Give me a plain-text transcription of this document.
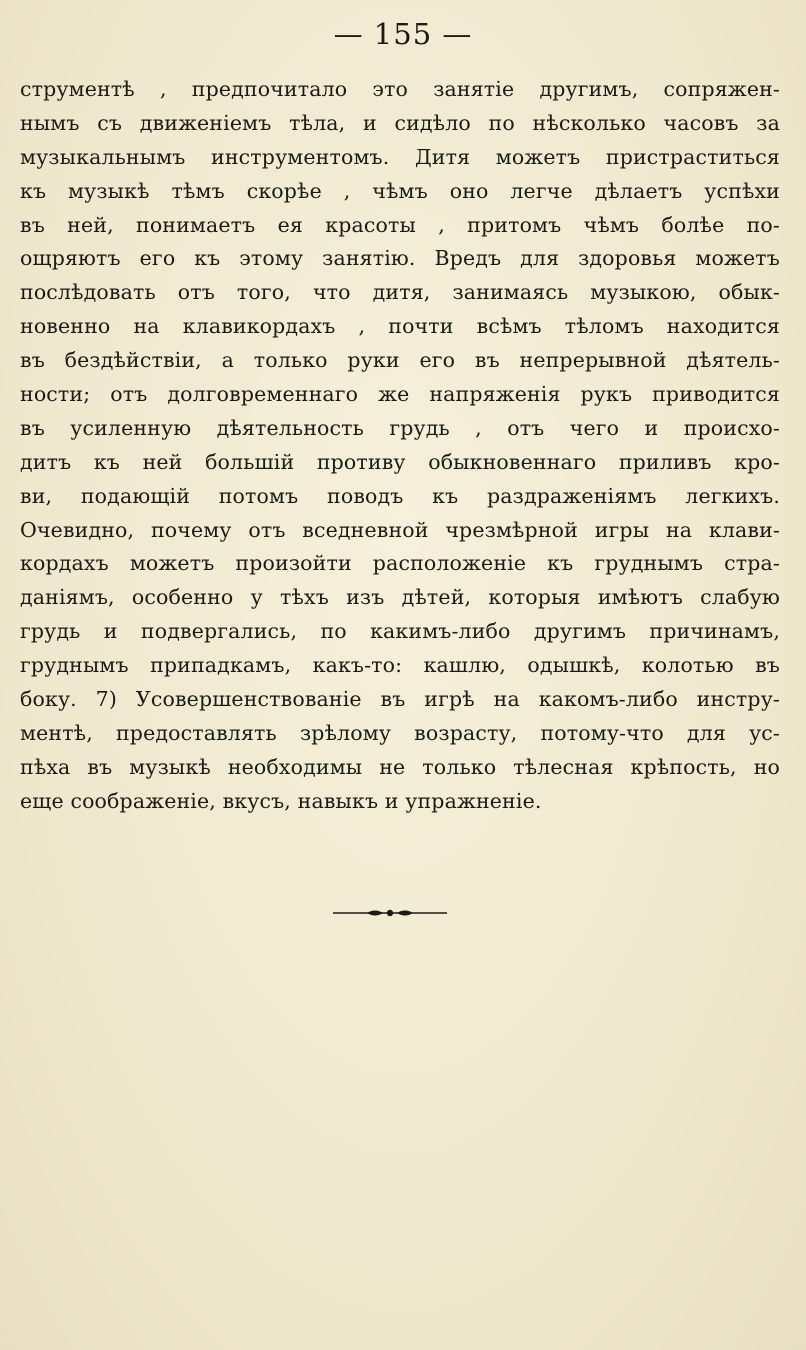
— 155 —
струментѣ , предпочитало это занятіе другимъ, сопряжен-
нымъ съ движеніемъ тѣла, и сидѣло по нѣсколько часовъ за
музыкальнымъ инструментомъ. Дитя можетъ пристраститься
къ музыкѣ тѣмъ скорѣе , чѣмъ оно легче дѣлаетъ успѣхи
въ ней, понимаетъ ея красоты , притомъ чѣмъ болѣе по-
ощряютъ его къ этому занятію. Вредъ для здоровья можетъ
послѣдовать отъ того, что дитя, занимаясь музыкою, обык-
новенно на клавикордахъ , почти всѣмъ тѣломъ находится
въ бездѣйствіи, а только руки его въ непрерывной дѣятель-
ности; отъ долговременнаго же напряженія рукъ приводится
въ усиленную дѣятельность грудь , отъ чего и происхо-
дитъ къ ней большій противу обыкновеннаго приливъ кро-
ви, подающій потомъ поводъ къ раздраженіямъ легкихъ.
Очевидно, почему отъ вседневной чрезмѣрной игры на клави-
кордахъ можетъ произойти расположеніе къ груднымъ стра-
даніямъ, особенно у тѣхъ изъ дѣтей, которыя имѣютъ слабую
грудь и подвергались, по какимъ-либо другимъ причинамъ,
груднымъ припадкамъ, какъ-то: кашлю, одышкѣ, колотью въ
боку. 7) Усовершенствованіе въ игрѣ на какомъ-либо инстру-
ментѣ, предоставлять зрѣлому возрасту, потому-что для ус-
пѣха въ музыкѣ необходимы не только тѣлесная крѣпость, но
еще соображеніе, вкусъ, навыкъ и упражненіе.
